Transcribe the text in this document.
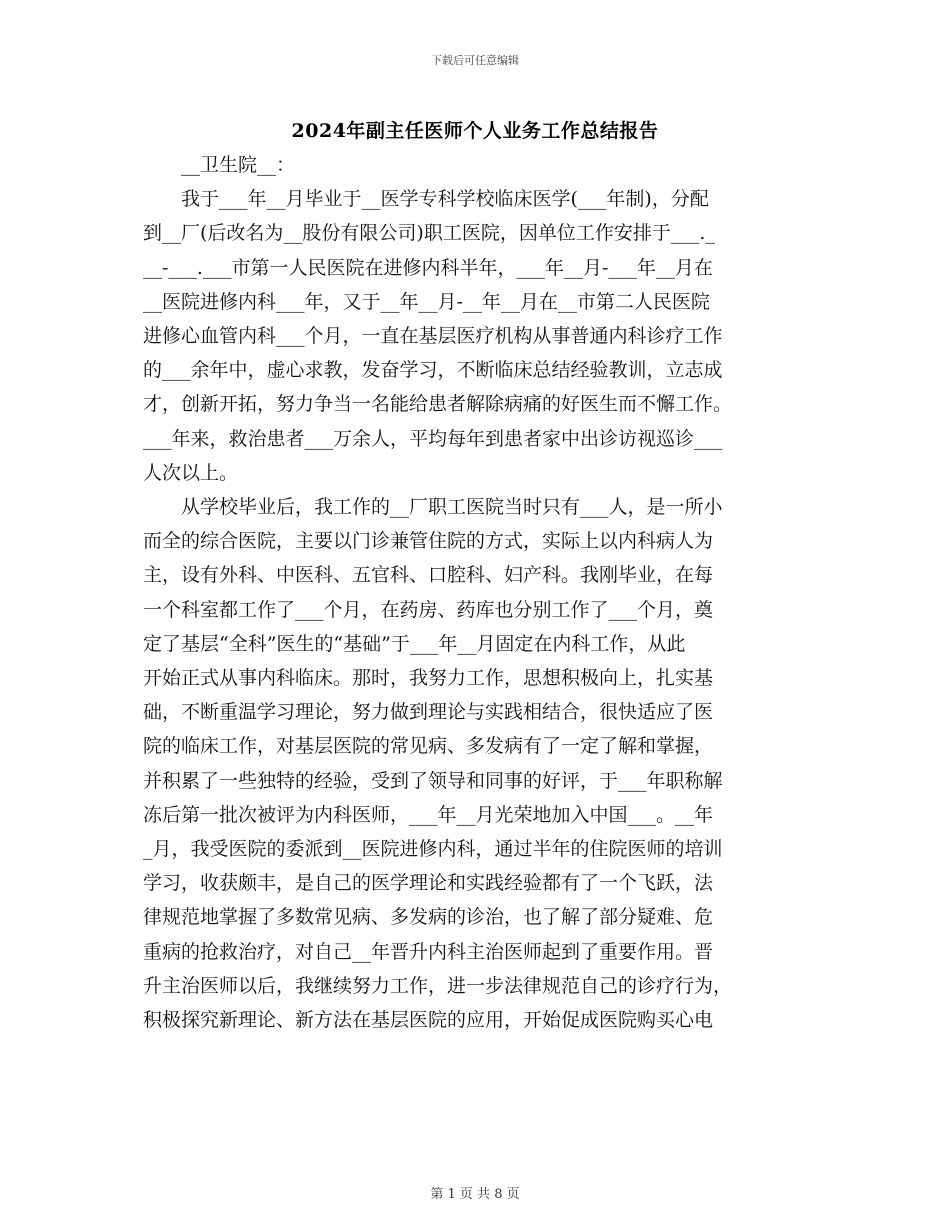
下载后可任意编辑
2024年副主任医师个人业务工作总结报告

__卫生院__：

我于___年__月毕业于__医学专科学校临床医学(___年制)，分配
到__厂(后改名为__股份有限公司)职工医院，因单位工作安排于___._
__-___.___市第一人民医院在进修内科半年，___年__月-___年__月在
__医院进修内科___年，又于__年__月-__年__月在__市第二人民医院
进修心血管内科___个月，一直在基层医疗机构从事普通内科诊疗工作
的___余年中，虚心求教，发奋学习，不断临床总结经验教训，立志成
才，创新开拓，努力争当一名能给患者解除病痛的好医生而不懈工作。
___年来，救治患者___万余人，平均每年到患者家中出诊访视巡诊___
人次以上。

从学校毕业后，我工作的__厂职工医院当时只有___人，是一所小
而全的综合医院，主要以门诊兼管住院的方式，实际上以内科病人为
主，设有外科、中医科、五官科、口腔科、妇产科。我刚毕业，在每
一个科室都工作了___个月，在药房、药库也分别工作了___个月，奠
定了基层“全科”医生的“基础”于___年__月固定在内科工作，从此
开始正式从事内科临床。那时，我努力工作，思想积极向上，扎实基
础，不断重温学习理论，努力做到理论与实践相结合，很快适应了医
院的临床工作，对基层医院的常见病、多发病有了一定了解和掌握，
并积累了一些独特的经验，受到了领导和同事的好评，于___年职称解
冻后第一批次被评为内科医师，___年__月光荣地加入中国___。__年
_月，我受医院的委派到__医院进修内科，通过半年的住院医师的培训
学习，收获颇丰，是自己的医学理论和实践经验都有了一个飞跃，法
律规范地掌握了多数常见病、多发病的诊治，也了解了部分疑难、危
重病的抢救治疗，对自己__年晋升内科主治医师起到了重要作用。晋
升主治医师以后，我继续努力工作，进一步法律规范自己的诊疗行为，
积极探究新理论、新方法在基层医院的应用，开始促成医院购买心电

第 1 页 共 8 页
